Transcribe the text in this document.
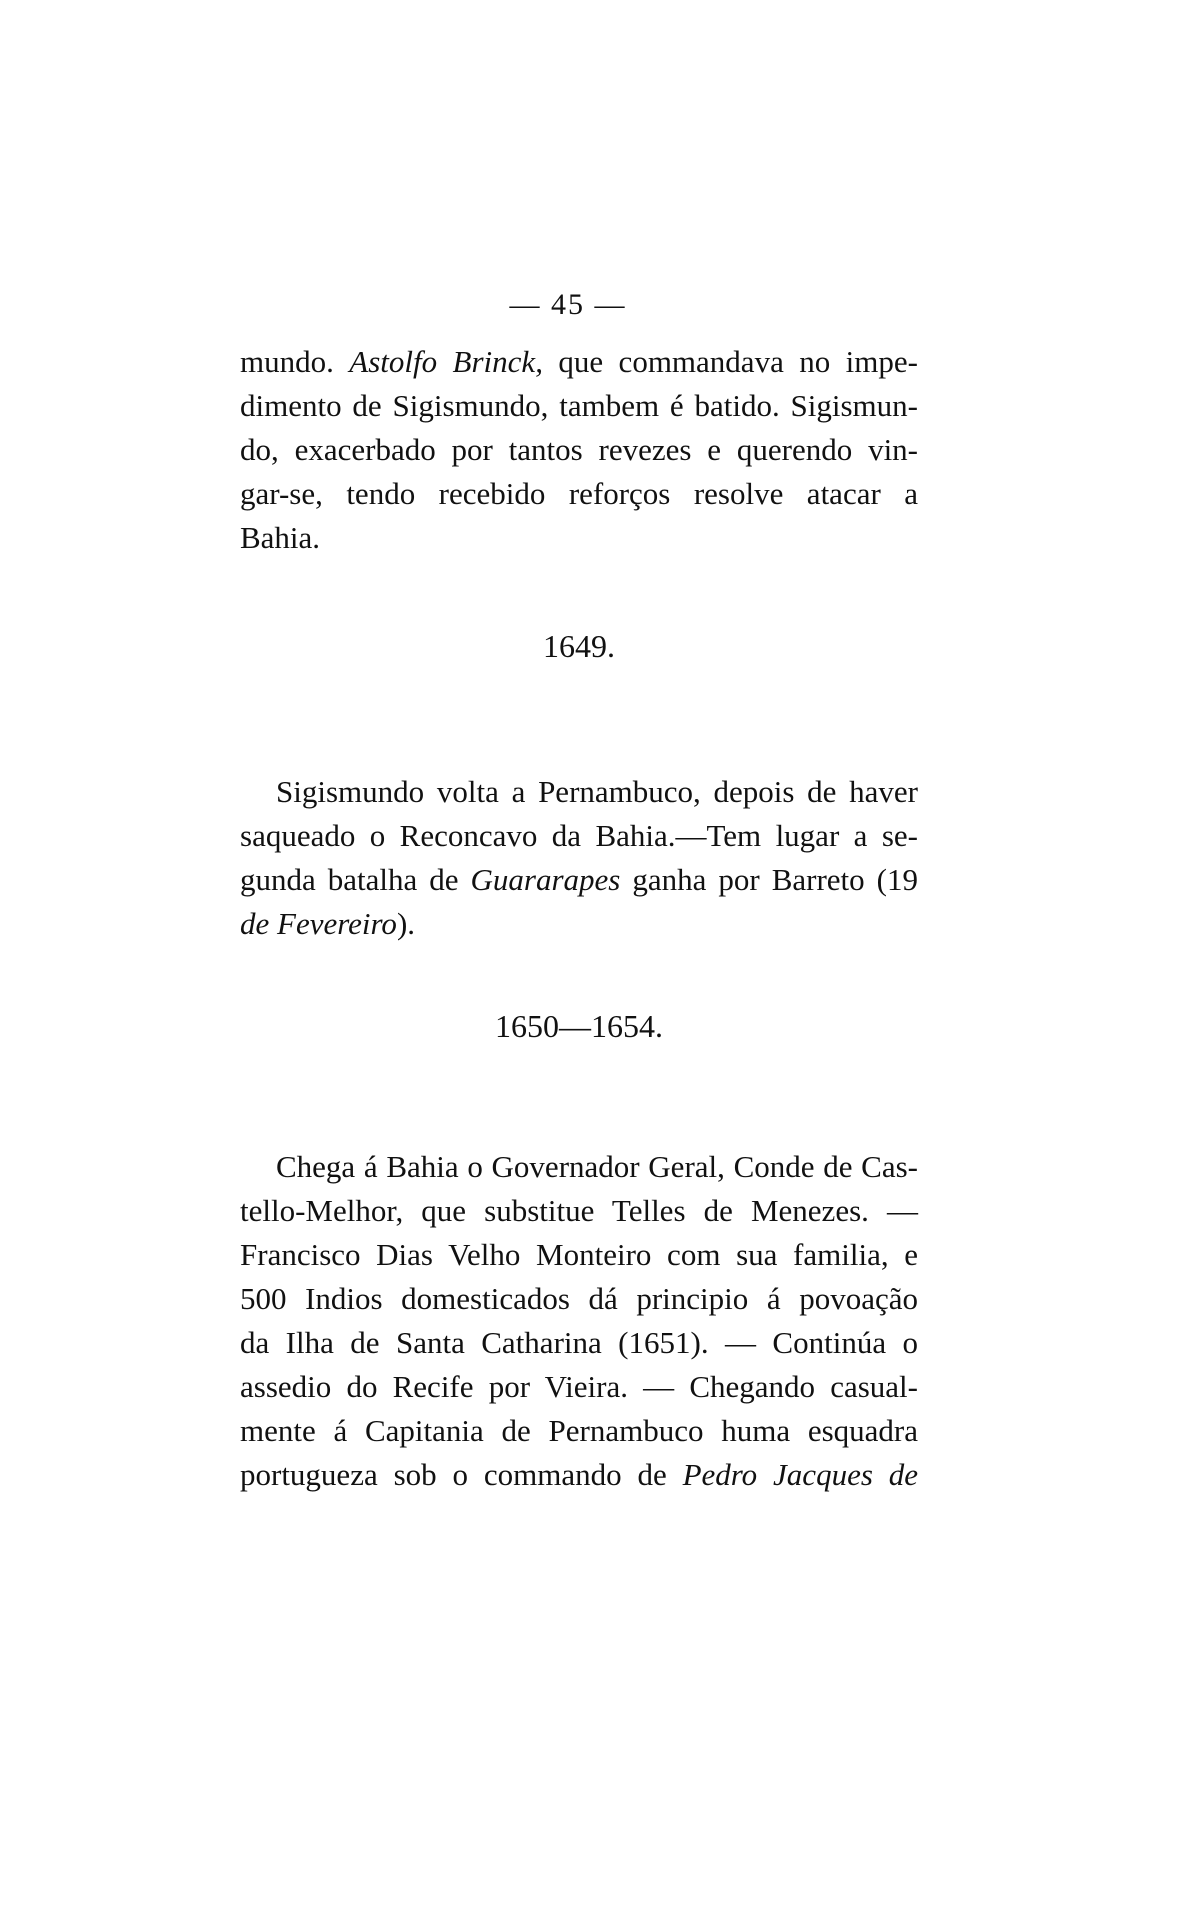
— 45 —
mundo. Astolfo Brinck, que commandava no impe-
dimento de Sigismundo, tambem é batido. Sigismun-
do, exacerbado por tantos revezes e querendo vin-
gar-se, tendo recebido reforços resolve atacar a
Bahia.
1649.
Sigismundo volta a Pernambuco, depois de haver
saqueado o Reconcavo da Bahia.—Tem lugar a se-
gunda batalha de Guararapes ganha por Barreto (19
de Fevereiro).
1650—1654.
Chega á Bahia o Governador Geral, Conde de Cas-
tello-Melhor, que substitue Telles de Menezes. —
Francisco Dias Velho Monteiro com sua familia, e
500 Indios domesticados dá principio á povoação
da Ilha de Santa Catharina (1651). — Continúa o
assedio do Recife por Vieira. — Chegando casual-
mente á Capitania de Pernambuco huma esquadra
portugueza sob o commando de Pedro Jacques de
